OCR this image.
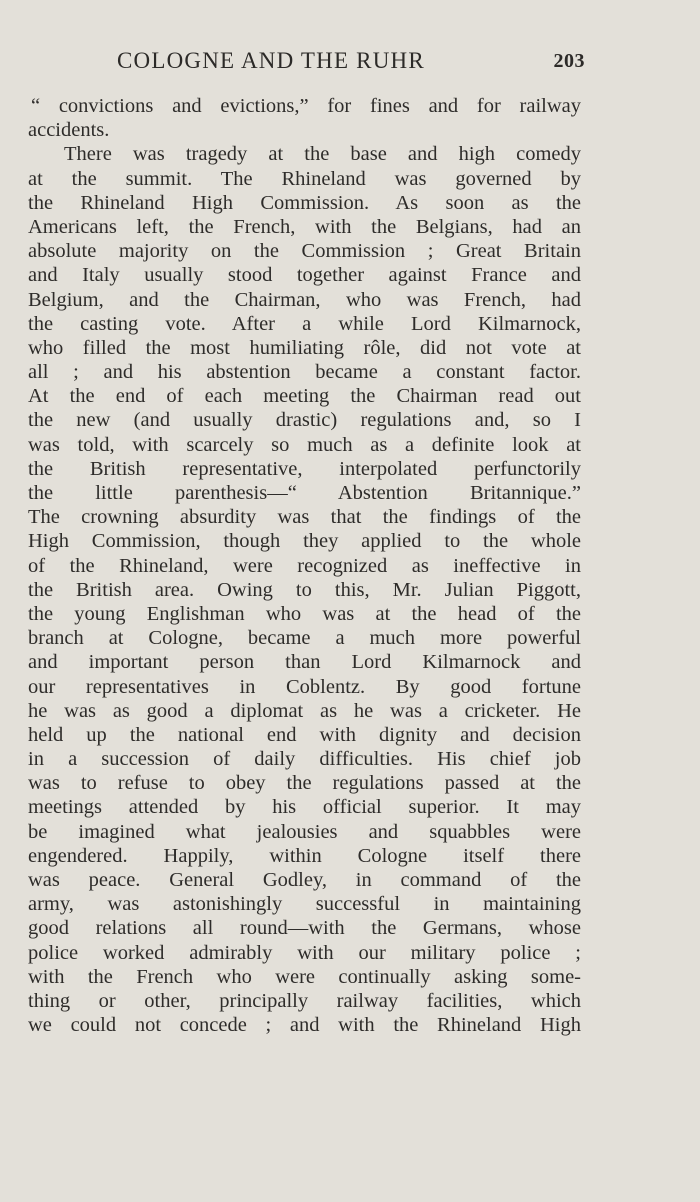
COLOGNE AND THE RUHR	203
“ convictions and evictions,” for fines and for railway
accidents.
There was tragedy at the base and high comedy
at the summit. The Rhineland was governed by
the Rhineland High Commission. As soon as the
Americans left, the French, with the Belgians, had an
absolute majority on the Commission ; Great Britain
and Italy usually stood together against France and
Belgium, and the Chairman, who was French, had
the casting vote. After a while Lord Kilmarnock,
who filled the most humiliating rôle, did not vote at
all ; and his abstention became a constant factor.
At the end of each meeting the Chairman read out
the new (and usually drastic) regulations and, so I
was told, with scarcely so much as a definite look at
the British representative, interpolated perfunctorily
the little parenthesis—“ Abstention Britannique.”
The crowning absurdity was that the findings of the
High Commission, though they applied to the whole
of the Rhineland, were recognized as ineffective in
the British area. Owing to this, Mr. Julian Piggott,
the young Englishman who was at the head of the
branch at Cologne, became a much more powerful
and important person than Lord Kilmarnock and
our representatives in Coblentz. By good fortune
he was as good a diplomat as he was a cricketer. He
held up the national end with dignity and decision
in a succession of daily difficulties. His chief job
was to refuse to obey the regulations passed at the
meetings attended by his official superior. It may
be imagined what jealousies and squabbles were
engendered. Happily, within Cologne itself there
was peace. General Godley, in command of the
army, was astonishingly successful in maintaining
good relations all round—with the Germans, whose
police worked admirably with our military police ;
with the French who were continually asking some-
thing or other, principally railway facilities, which
we could not concede ; and with the Rhineland High
